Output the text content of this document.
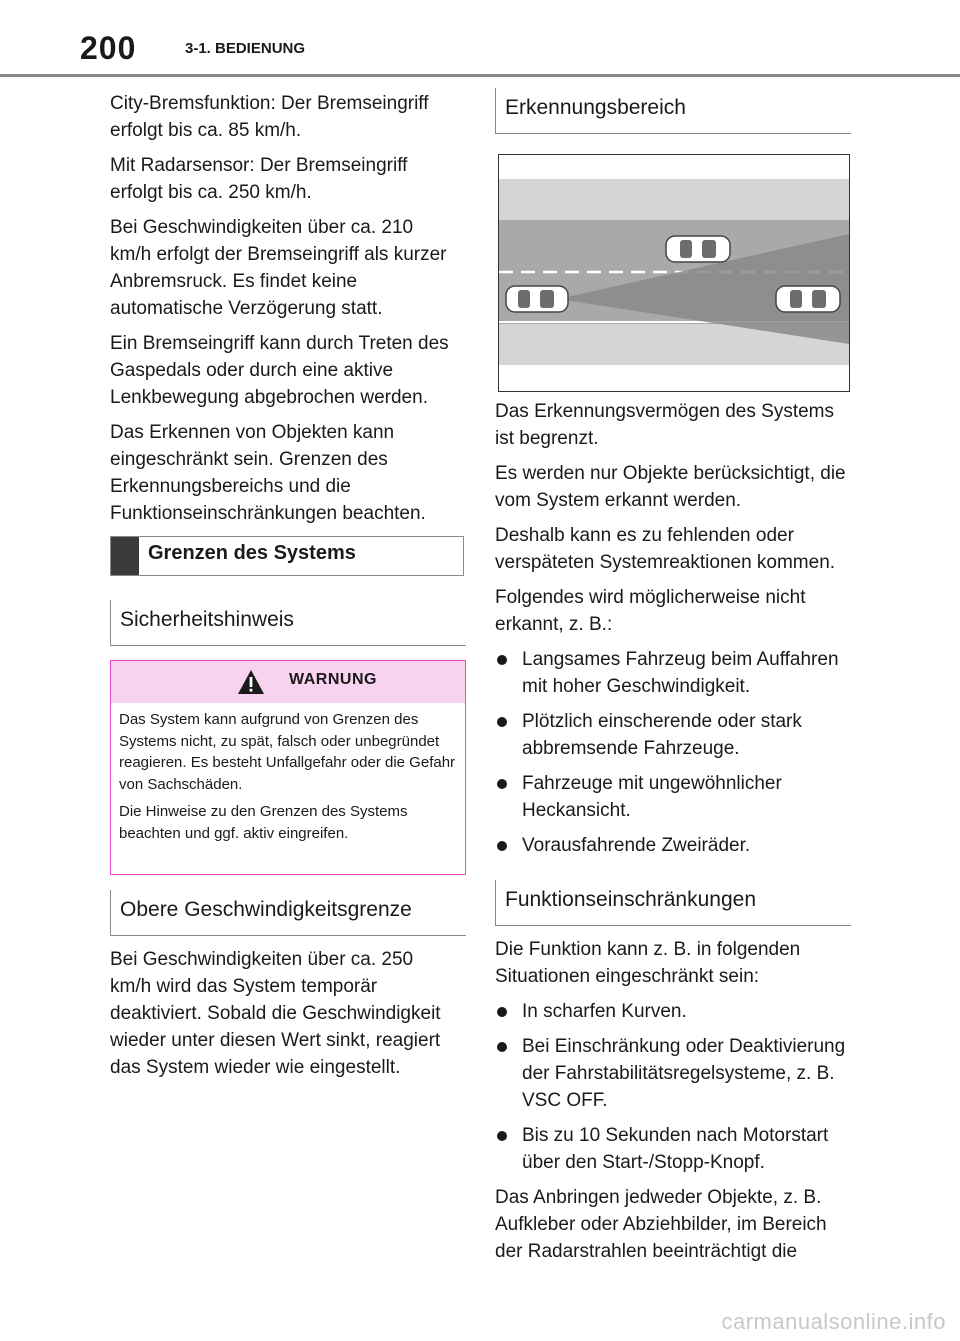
200	3-1. BEDIENUNG

City-Bremsfunktion: Der Bremseingriff erfolgt bis ca. 85 km/h.

Mit Radarsensor: Der Bremseingriff erfolgt bis ca. 250 km/h.

Bei Geschwindigkeiten über ca. 210 km/h erfolgt der Bremseingriff als kurzer Anbremsruck. Es findet keine automatische Verzögerung statt.

Ein Bremseingriff kann durch Treten des Gaspedals oder durch eine aktive Lenkbewegung abgebrochen werden.

Das Erkennen von Objekten kann eingeschränkt sein. Grenzen des Erkennungsbereichs und die Funktionseinschränkungen beachten.

Grenzen des Systems
Sicherheitshinweis
WARNUNG

Das System kann aufgrund von Grenzen des Systems nicht, zu spät, falsch oder unbegründet reagieren. Es besteht Unfallgefahr oder die Gefahr von Sachschäden.

Die Hinweise zu den Grenzen des Systems beachten und ggf. aktiv eingreifen.

Obere Geschwindigkeitsgrenze

Bei Geschwindigkeiten über ca. 250 km/h wird das System temporär deaktiviert. Sobald die Geschwindigkeit wieder unter diesen Wert sinkt, reagiert das System wieder wie eingestellt.

Erkennungsbereich

Das Erkennungsvermögen des Systems ist begrenzt.

Es werden nur Objekte berücksichtigt, die vom System erkannt werden.

Deshalb kann es zu fehlenden oder verspäteten Systemreaktionen kommen.

Folgendes wird möglicherweise nicht erkannt, z. B.:

Langsames Fahrzeug beim Auffahren mit hoher Geschwindigkeit.
Plötzlich einscherende oder stark abbremsende Fahrzeuge.
Fahrzeuge mit ungewöhnlicher Heckansicht.
Vorausfahrende Zweiräder.
Funktionseinschränkungen

Die Funktion kann z. B. in folgenden Situationen eingeschränkt sein:

In scharfen Kurven.
Bei Einschränkung oder Deaktivierung der Fahrstabilitätsregelsysteme, z. B. VSC OFF.
Bis zu 10 Sekunden nach Motorstart über den Start-/Stopp-Knopf.

Das Anbringen jedweder Objekte, z. B. Aufkleber oder Abziehbilder, im Bereich der Radarstrahlen beeinträchtigt die

carmanualsonline.info
